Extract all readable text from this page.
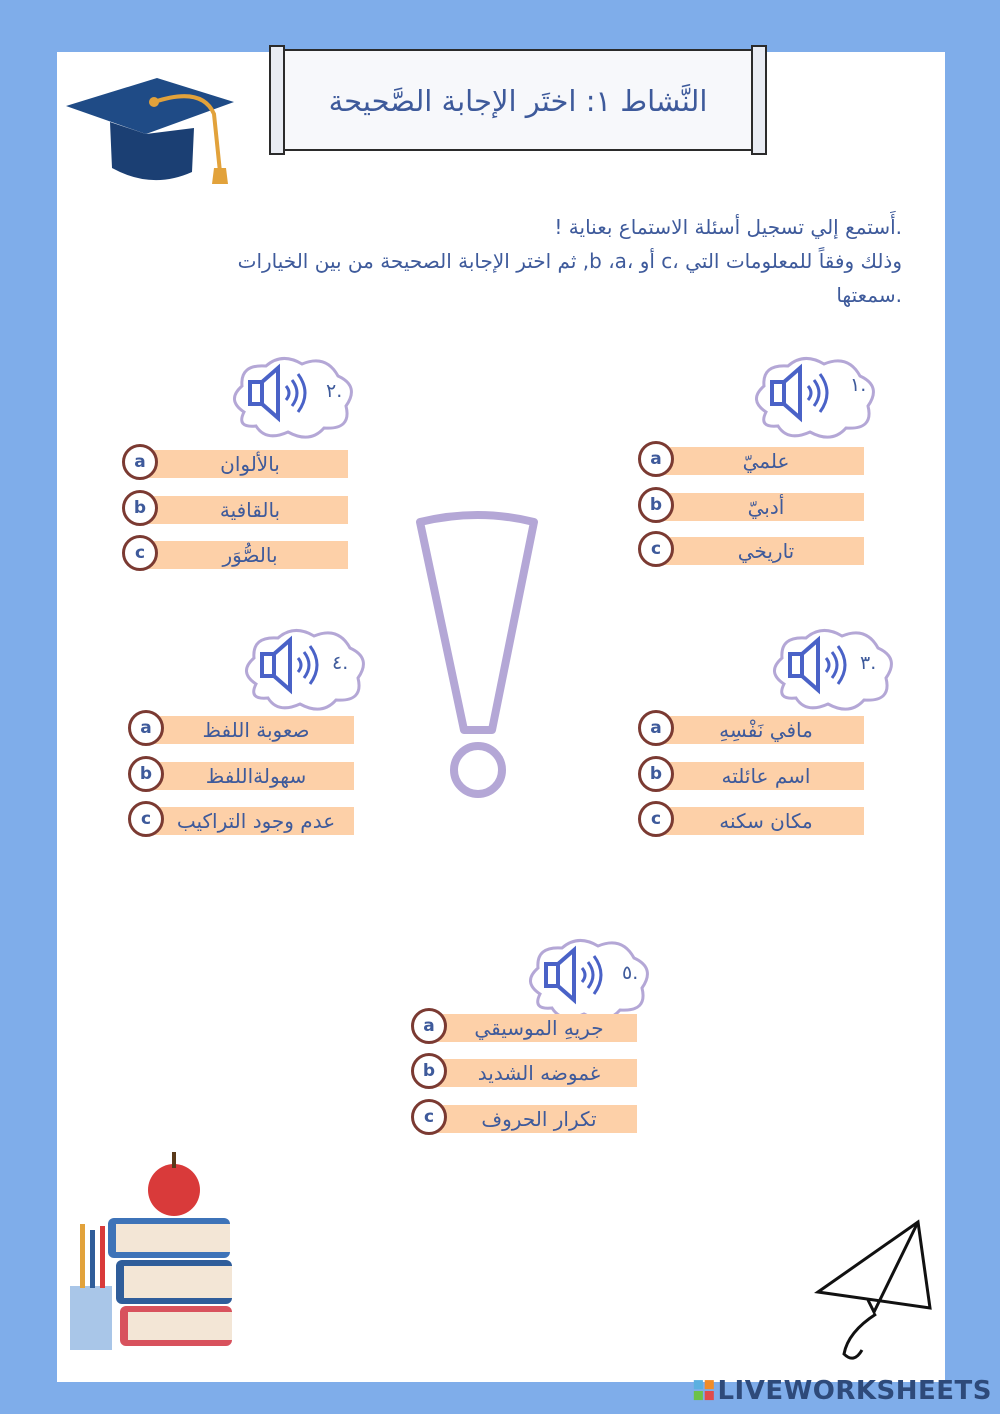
النَّشاط ١: اختَر الإجابة الصَّحيحة
.أَستمع إلي تسجيل أسئلة الاستماع بعناية !
وذلك وفقاً للمعلومات التي ،c أو ،b ،a, ثم اختر الإجابة الصحيحة من بين الخيارات
.سمعتها
.١
.٢
.٣
.٤
.٥
علميّ
a
أدبيّ
b
تاريخي
c
بالألوان
a
بالقافية
b
بالصُّوَر
c
مافي نَفْسِهِ
a
اسم عائلته
b
مكان سكنه
c
صعوبة اللفظ
a
سهولةاللفظ
b
عدم وجود التراكيب
c
جريهِ الموسيقي
a
غموضه الشديد
b
تكرار الحروف
c
LIVEWORKSHEETS
